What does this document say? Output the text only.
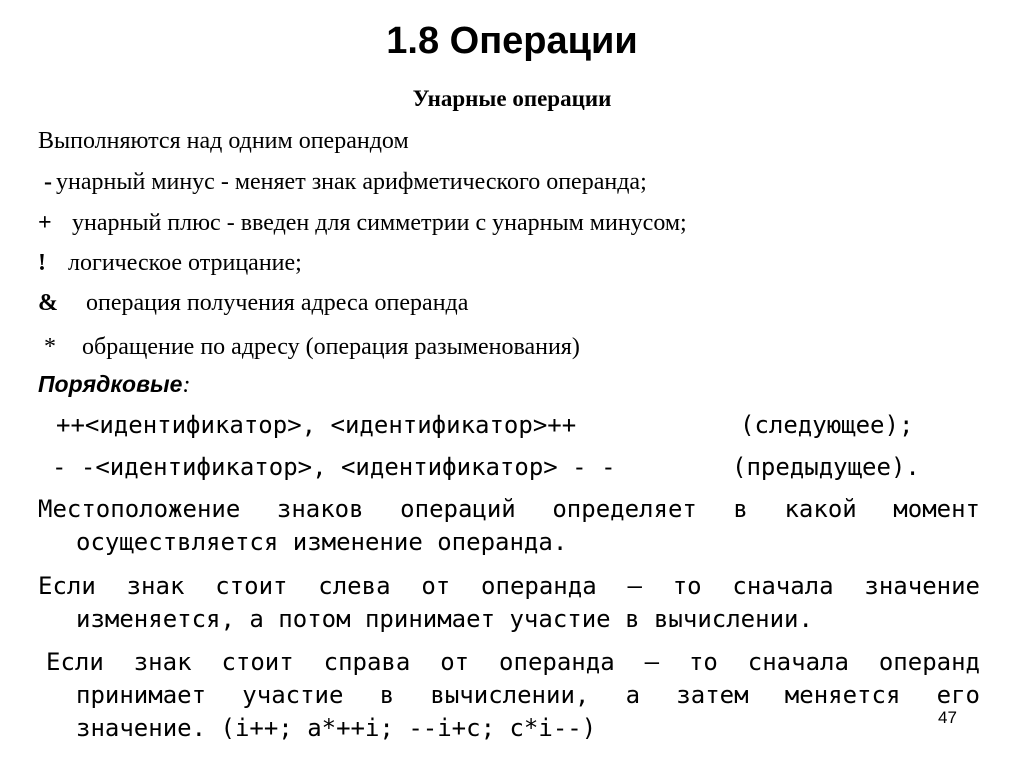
1.8 Операции
Унарные операции
Выполняются над одним операндом
- унарный минус - меняет знак арифметического операнда;
+ унарный плюс - введен для симметрии с унарным минусом;
! логическое отрицание;
& операция получения адреса операнда
* обращение по адресу (операция разыменования)
Порядковые:
++<идентификатор>, <идентификатор>++	(следующее);
- -<идентификатор>, <идентификатор> - -	(предыдущее).
Местоположение знаков операций определяет в какой момент
осуществляется изменение операнда.
Если знак стоит слева от операнда – то сначала значение
изменяется, а потом принимает участие в вычислении.
Если знак стоит справа от операнда – то сначала операнд
принимает участие в вычислении, а затем меняется его
значение. (i++; a*++i; --i+c; c*i--)	47
